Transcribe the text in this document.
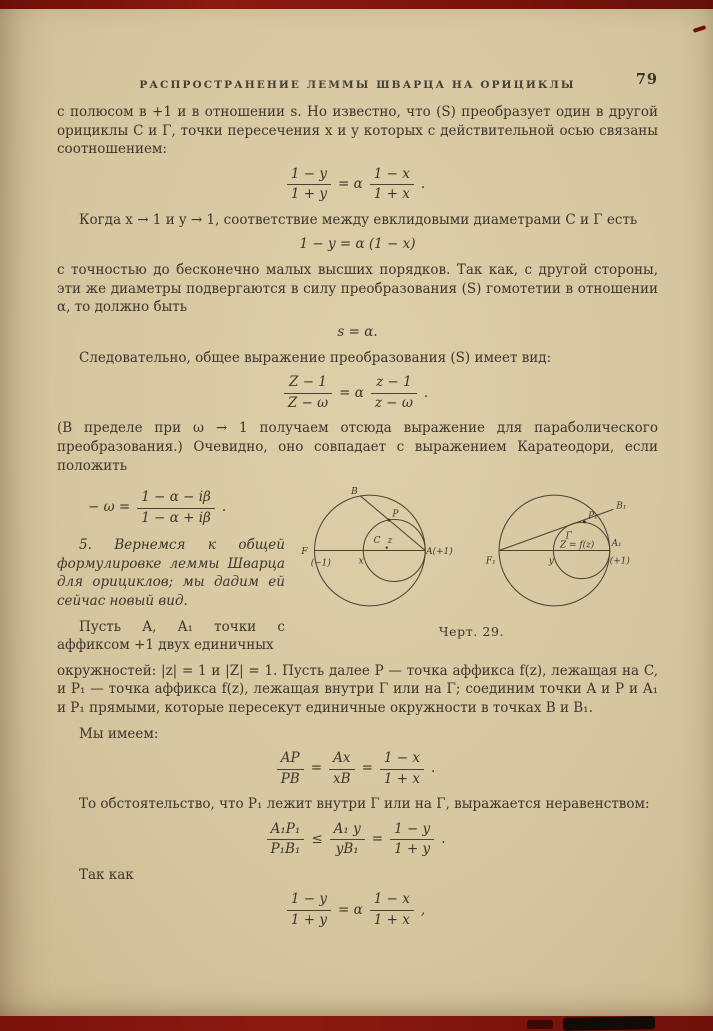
РАСПРОСТРАНЕНИЕ ЛЕММЫ ШВАРЦА НА ОРИЦИКЛЫ	79

с полюсом в +1 и в отношении s. Но известно, что (S) преобразует один в другой орициклы C и Γ, точки пересечения x и y которых с действительной осью связаны соотношением:

$\frac{1 - y}{1 + y} = \alpha \frac{1 - x}{1 + x}$ .

Когда x → 1 и y → 1, соответствие между евклидовыми диаметрами C и Γ есть

1 − y = α (1 − x)

с точностью до бесконечно малых высших порядков. Так как, с другой стороны, эти же диаметры подвергаются в силу преобразования (S) гомотетии в отношении α, то должно быть

s = α.

Следовательно, общее выражение преобразования (S) имеет вид:

$\frac{Z - 1}{Z - \omega} = \alpha \frac{z - 1}{z - \omega}$ .

(В пределе при ω → 1 получаем отсюда выражение для параболического преобразования.) Очевидно, оно совпадает с выражением Каратеодори, если положить

− $\omega = \frac{1 - \alpha - i\beta}{1 - \alpha + i\beta}$ .

5. Вернемся к общей формулировке леммы Шварца для орициклов; мы дадим ей сейчас новый вид.

Пусть A, A₁ точки с аффиксом +1 двух единичных

B
P
C z
x
F
(−1)
A(+1)
B₁
P₁
Γ
Z = f(z)
y
F₁
A₁
(+1)
Черт. 29.

окружностей: |z| = 1 и |Z| = 1. Пусть далее P — точка аффикса f(z), лежащая на C, и P₁ — точка аффикса f(z), лежащая внутри Γ или на Γ; соединим точки A и P и A₁ и P₁ прямыми, которые пересекут единичные окружности в точках B и B₁.

Мы имеем:

$\frac{AP}{PB} = \frac{Ax}{xB} = \frac{1 - x}{1 + x}$ .

То обстоятельство, что P₁ лежит внутри Γ или на Γ, выражается неравенством:

$\frac{\text{A₁P₁}}{\text{P₁B₁}} \le \frac{\text{A₁ y}}{\text{yB₁}} = \frac{1 - y}{1 + y}$ .

Так как

$\frac{1 - y}{1 + y} = \alpha \frac{1 - x}{1 + x}$ ,
